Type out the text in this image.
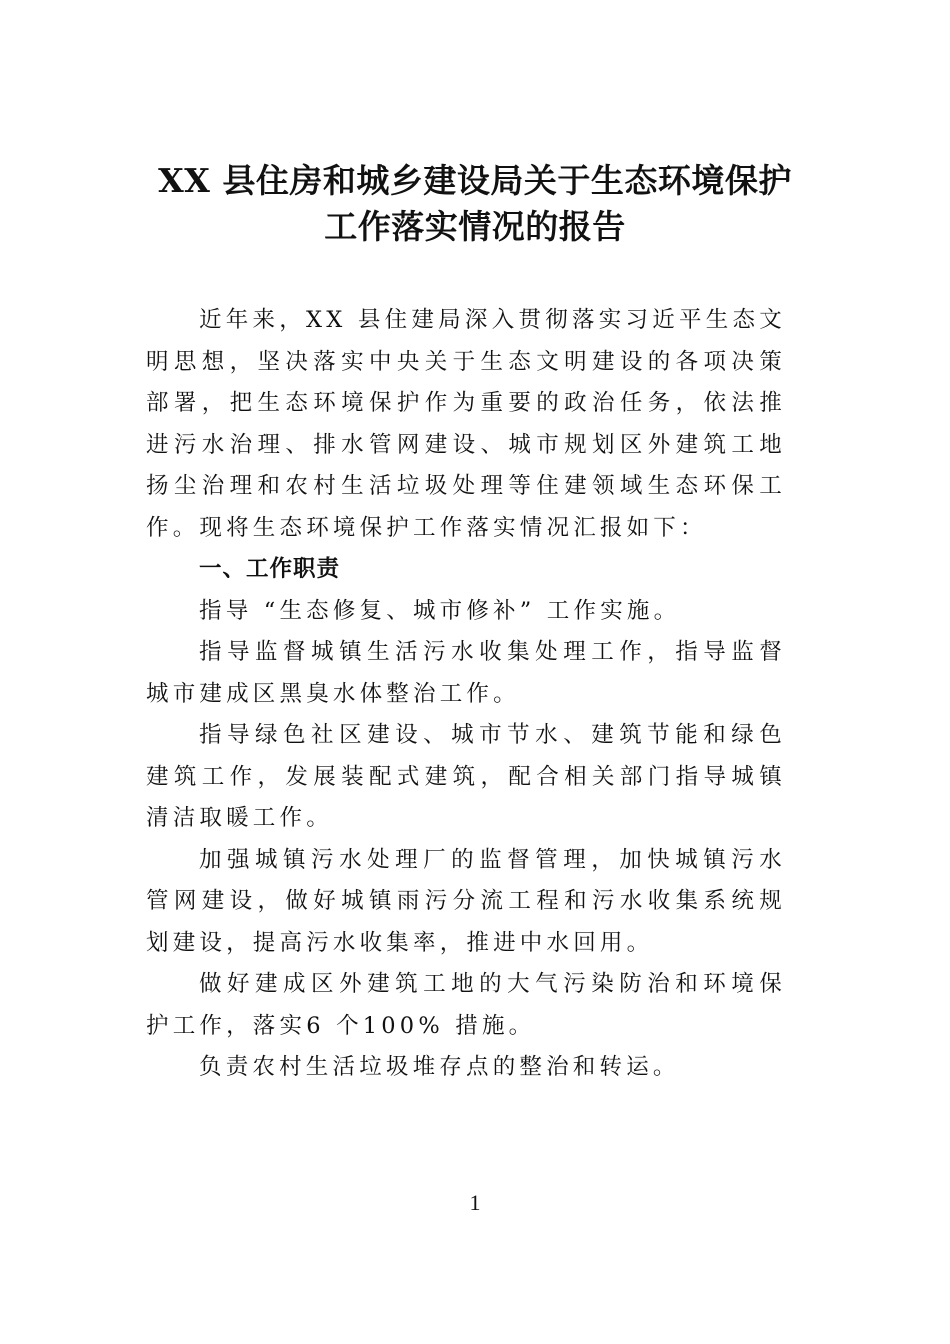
XX 县住房和城乡建设局关于生态环境保护
工作落实情况的报告

近年来，XX 县住建局深入贯彻落实习近平生态文明思想，坚决落实中央关于生态文明建设的各项决策部署，把生态环境保护作为重要的政治任务，依法推进污水治理、排水管网建设、城市规划区外建筑工地扬尘治理和农村生活垃圾处理等住建领域生态环保工作。现将生态环境保护工作落实情况汇报如下：

一、工作职责

指导 “生态修复、城市修补” 工作实施。

指导监督城镇生活污水收集处理工作，指导监督城市建成区黑臭水体整治工作。

指导绿色社区建设、城市节水、建筑节能和绿色建筑工作，发展装配式建筑，配合相关部门指导城镇清洁取暖工作。

加强城镇污水处理厂的监督管理，加快城镇污水管网建设，做好城镇雨污分流工程和污水收集系统规划建设，提高污水收集率，推进中水回用。

做好建成区外建筑工地的大气污染防治和环境保护工作，落实6 个100% 措施。

负责农村生活垃圾堆存点的整治和转运。

1
